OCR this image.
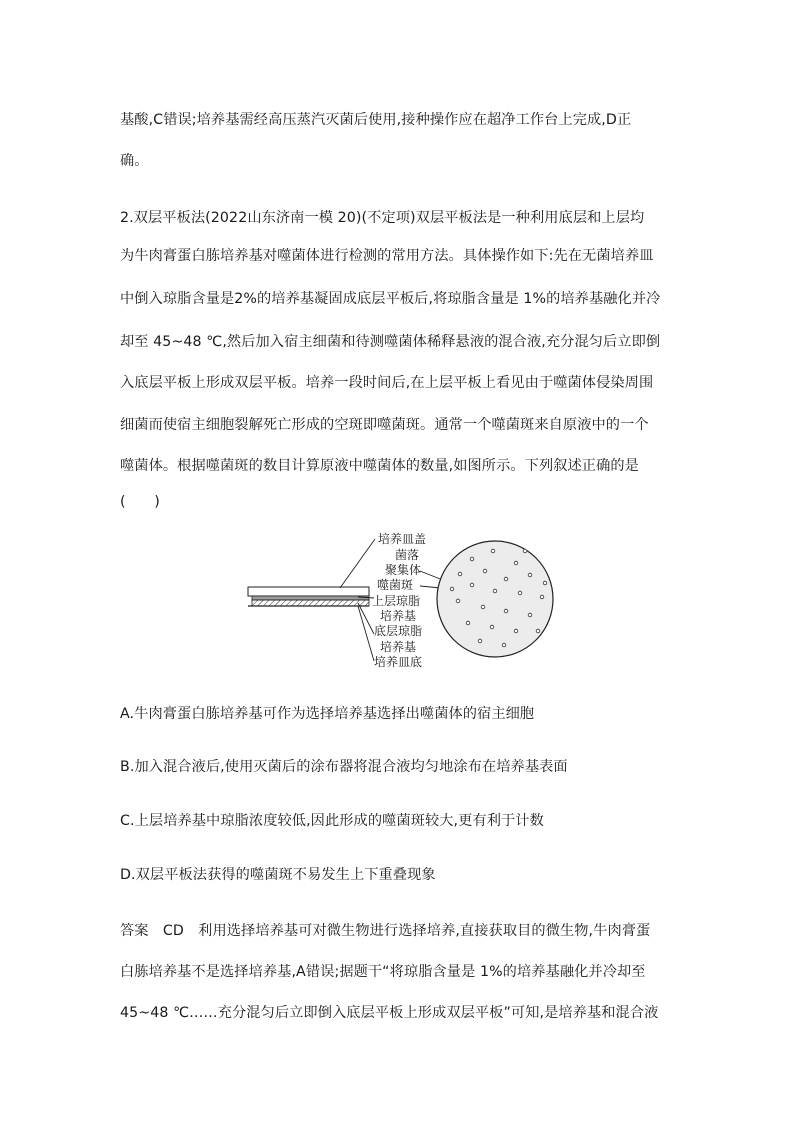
基酸,C错误;培养基需经高压蒸汽灭菌后使用,接种操作应在超净工作台上完成,D正
确。
2.双层平板法(2022山东济南一模 20)(不定项)双层平板法是一种利用底层和上层均
为牛肉膏蛋白胨培养基对噬菌体进行检测的常用方法。具体操作如下:先在无菌培养皿
中倒入琼脂含量是2%的培养基凝固成底层平板后,将琼脂含量是 1%的培养基融化并冷
却至 45~48 ℃,然后加入宿主细菌和待测噬菌体稀释悬液的混合液,充分混匀后立即倒
入底层平板上形成双层平板。培养一段时间后,在上层平板上看见由于噬菌体侵染周围
细菌而使宿主细胞裂解死亡形成的空斑即噬菌斑。通常一个噬菌斑来自原液中的一个
噬菌体。根据噬菌斑的数目计算原液中噬菌体的数量,如图所示。下列叙述正确的是
(　　)
培养皿盖
菌落
聚集体
噬菌斑
上层琼脂
培养基
底层琼脂
培养基
培养皿底
A.牛肉膏蛋白胨培养基可作为选择培养基选择出噬菌体的宿主细胞
B.加入混合液后,使用灭菌后的涂布器将混合液均匀地涂布在培养基表面
C.上层培养基中琼脂浓度较低,因此形成的噬菌斑较大,更有利于计数
D.双层平板法获得的噬菌斑不易发生上下重叠现象
答案　CD　利用选择培养基可对微生物进行选择培养,直接获取目的微生物,牛肉膏蛋
白胨培养基不是选择培养基,A错误;据题干“将琼脂含量是 1%的培养基融化并冷却至
45~48 ℃……充分混匀后立即倒入底层平板上形成双层平板”可知,是培养基和混合液
